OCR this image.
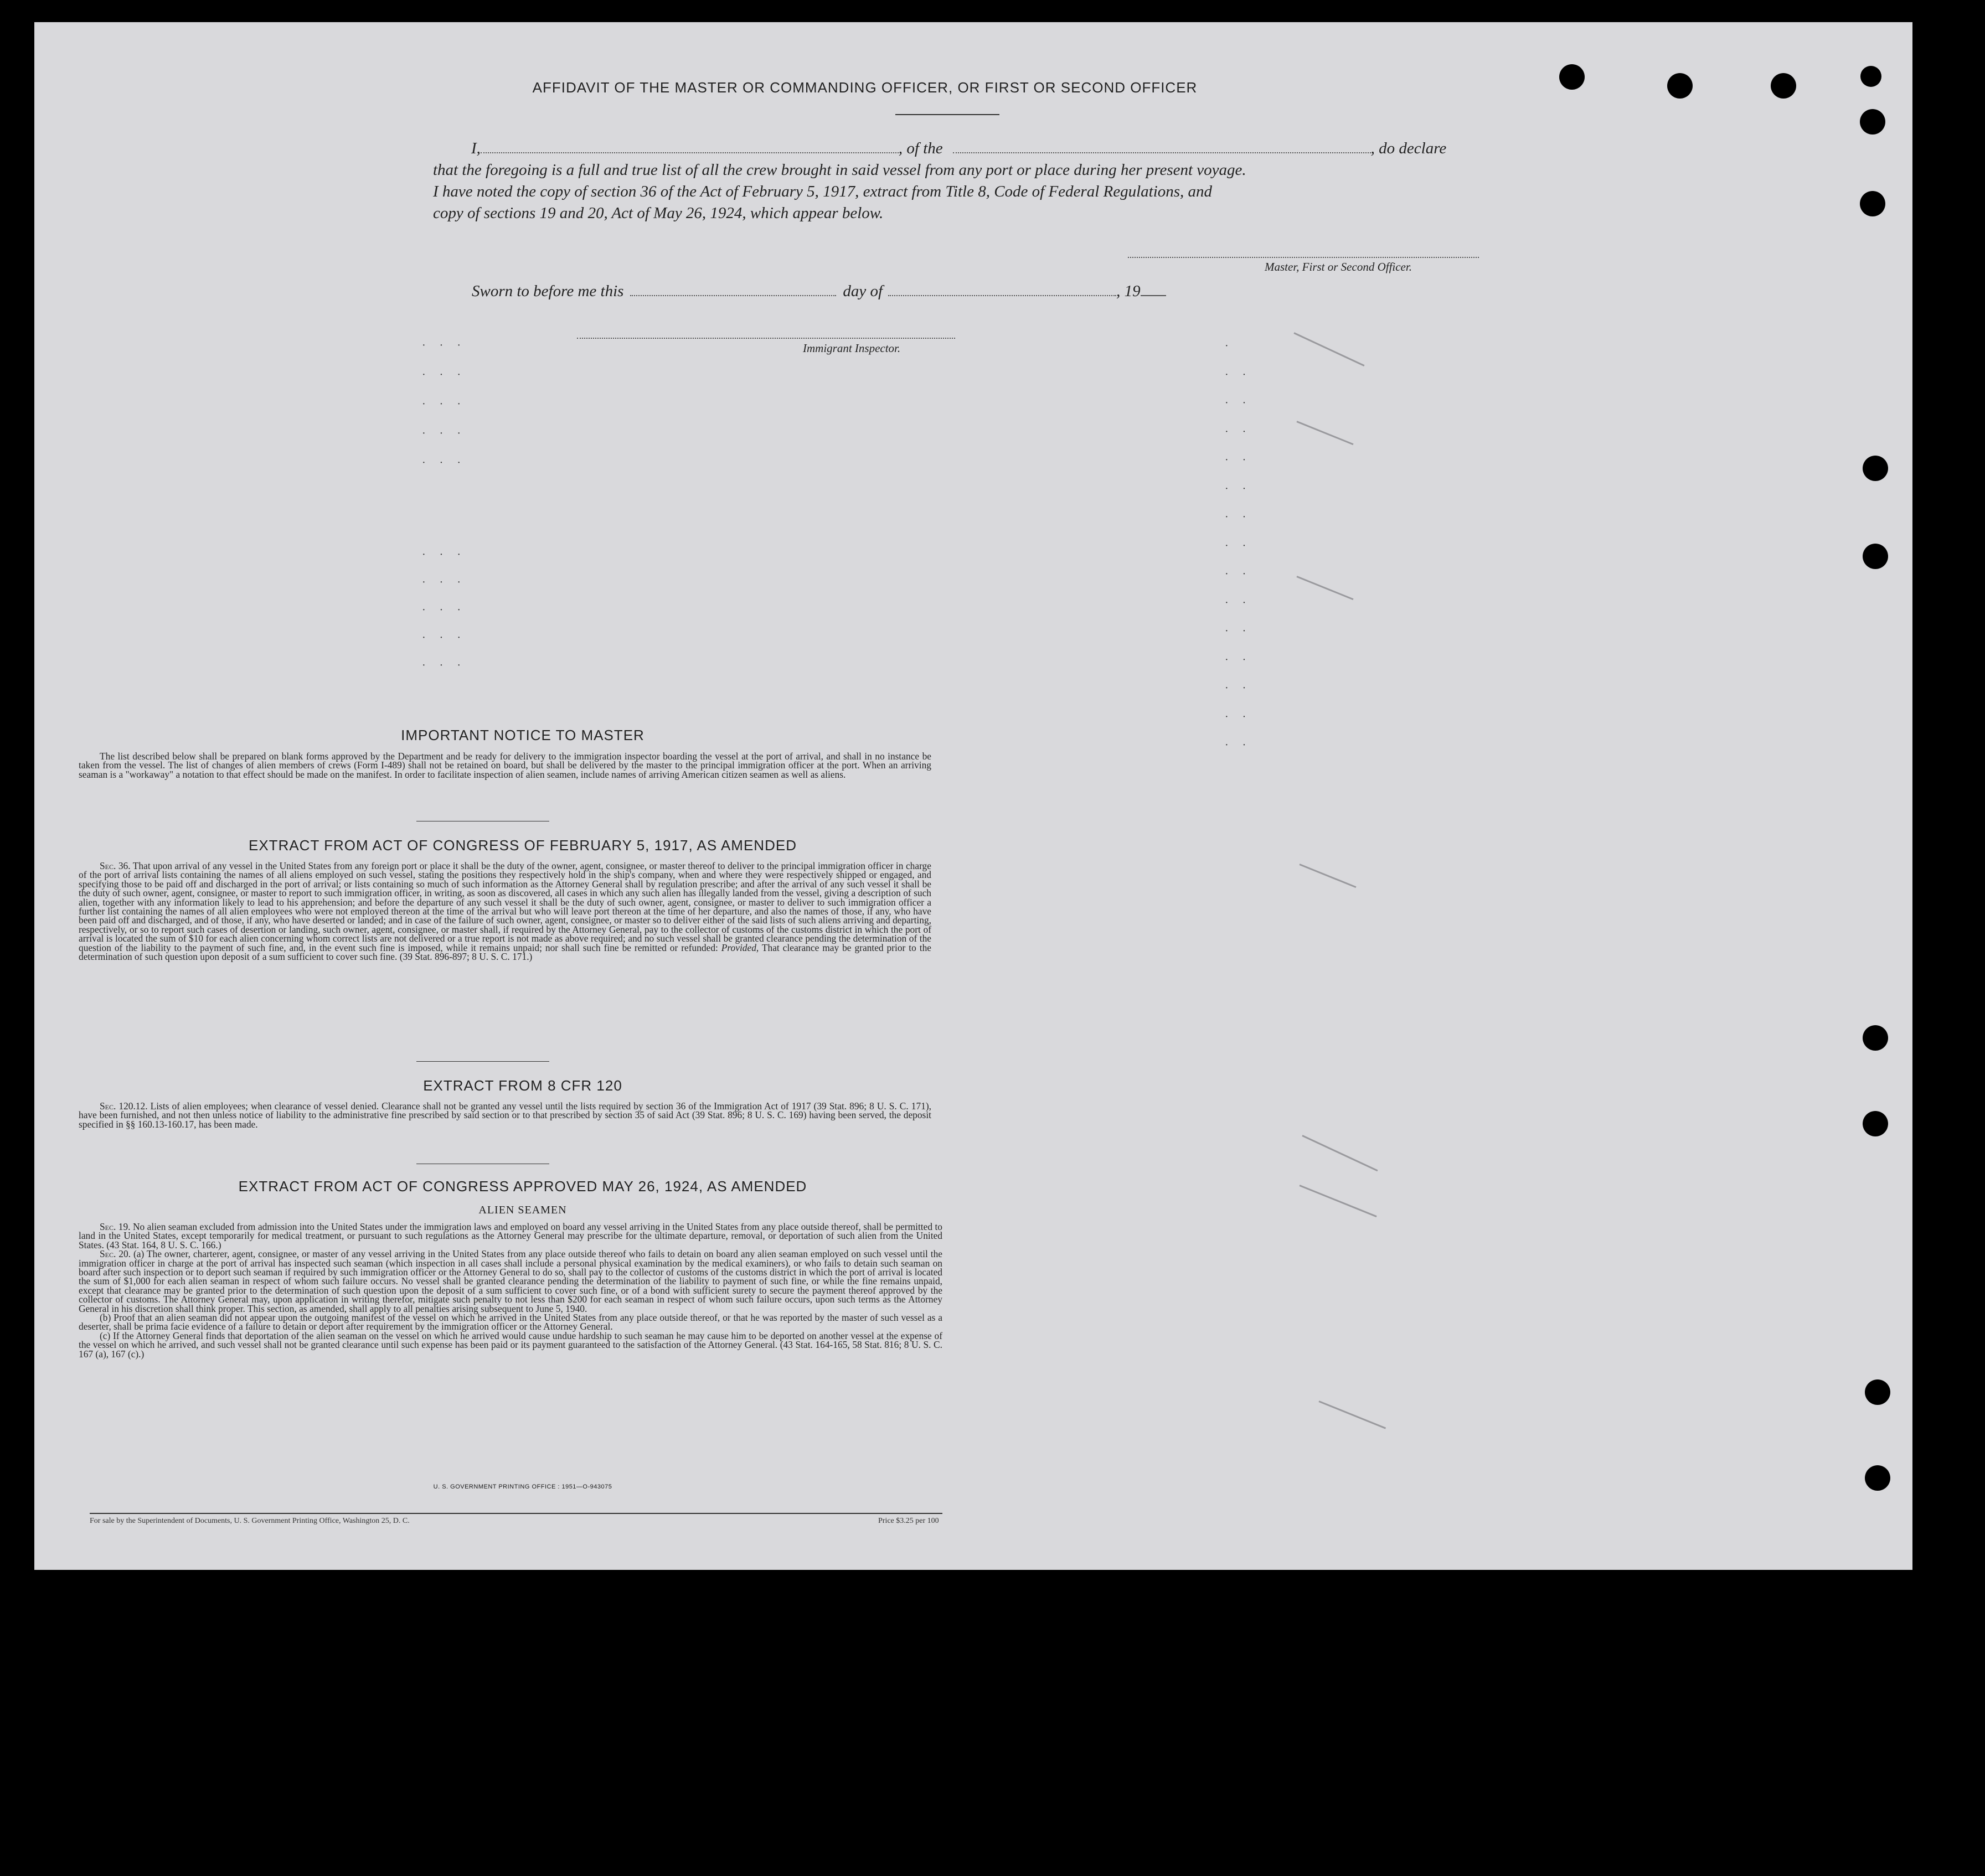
AFFIDAVIT OF THE MASTER OR COMMANDING OFFICER, OR FIRST OR SECOND OFFICER
I,	, of the	, do declare
that the foregoing is a full and true list of all the crew brought in said vessel from any port or place during her present voyage.
I have noted the copy of section 36 of the Act of February 5, 1917, extract from Title 8, Code of Federal Regulations, and
copy of sections 19 and 20, Act of May 26, 1924, which appear below.
Master, First or Second Officer.
Sworn to before me this	day of	, 19
Immigrant Inspector.
· · ·
· · ·
· · ·
· · ·
· · ·
· · ·
· · ·
· · ·
· · ·
· · ·
·
· ·
· ·
· ·
· ·
· ·
· ·
· ·
· ·
· ·
· ·
· ·
· ·
· ·
· ·
IMPORTANT NOTICE TO MASTER

The list described below shall be prepared on blank forms approved by the Department and be ready for delivery to the immigration inspector boarding the vessel at the port of arrival, and shall in no instance be taken from the vessel. The list of changes of alien members of crews (Form I-489) shall not be retained on board, but shall be delivered by the master to the principal immigration officer at the port. When an arriving seaman is a "workaway" a notation to that effect should be made on the manifest. In order to facilitate inspection of alien seamen, include names of arriving American citizen seamen as well as aliens.

EXTRACT FROM ACT OF CONGRESS OF FEBRUARY 5, 1917, AS AMENDED

Sec. 36. That upon arrival of any vessel in the United States from any foreign port or place it shall be the duty of the owner, agent, consignee, or master thereof to deliver to the principal immigration officer in charge of the port of arrival lists containing the names of all aliens employed on such vessel, stating the positions they respectively hold in the ship's company, when and where they were respectively shipped or engaged, and specifying those to be paid off and discharged in the port of arrival; or lists containing so much of such information as the Attorney General shall by regulation prescribe; and after the arrival of any such vessel it shall be the duty of such owner, agent, consignee, or master to report to such immigration officer, in writing, as soon as discovered, all cases in which any such alien has illegally landed from the vessel, giving a description of such alien, together with any information likely to lead to his apprehension; and before the departure of any such vessel it shall be the duty of such owner, agent, consignee, or master to deliver to such immigration officer a further list containing the names of all alien employees who were not employed thereon at the time of the arrival but who will leave port thereon at the time of her departure, and also the names of those, if any, who have been paid off and discharged, and of those, if any, who have deserted or landed; and in case of the failure of such owner, agent, consignee, or master so to deliver either of the said lists of such aliens arriving and departing, respectively, or so to report such cases of desertion or landing, such owner, agent, consignee, or master shall, if required by the Attorney General, pay to the collector of customs of the customs district in which the port of arrival is located the sum of $10 for each alien concerning whom correct lists are not delivered or a true report is not made as above required; and no such vessel shall be granted clearance pending the determination of the question of the liability to the payment of such fine, and, in the event such fine is imposed, while it remains unpaid; nor shall such fine be remitted or refunded: Provided, That clearance may be granted prior to the determination of such question upon deposit of a sum sufficient to cover such fine. (39 Stat. 896-897; 8 U. S. C. 171.)

EXTRACT FROM 8 CFR 120

Sec. 120.12. Lists of alien employees; when clearance of vessel denied. Clearance shall not be granted any vessel until the lists required by section 36 of the Immigration Act of 1917 (39 Stat. 896; 8 U. S. C. 171), have been furnished, and not then unless notice of liability to the administrative fine prescribed by said section or to that prescribed by section 35 of said Act (39 Stat. 896; 8 U. S. C. 169) having been served, the deposit specified in §§ 160.13-160.17, has been made.

EXTRACT FROM ACT OF CONGRESS APPROVED MAY 26, 1924, AS AMENDED
ALIEN SEAMEN

Sec. 19. No alien seaman excluded from admission into the United States under the immigration laws and employed on board any vessel arriving in the United States from any place outside thereof, shall be permitted to land in the United States, except temporarily for medical treatment, or pursuant to such regulations as the Attorney General may prescribe for the ultimate departure, removal, or deportation of such alien from the United States. (43 Stat. 164, 8 U. S. C. 166.)

Sec. 20. (a) The owner, charterer, agent, consignee, or master of any vessel arriving in the United States from any place outside thereof who fails to detain on board any alien seaman employed on such vessel until the immigration officer in charge at the port of arrival has inspected such seaman (which inspection in all cases shall include a personal physical examination by the medical examiners), or who fails to detain such seaman on board after such inspection or to deport such seaman if required by such immigration officer or the Attorney General to do so, shall pay to the collector of customs of the customs district in which the port of arrival is located the sum of $1,000 for each alien seaman in respect of whom such failure occurs. No vessel shall be granted clearance pending the determination of the liability to payment of such fine, or while the fine remains unpaid, except that clearance may be granted prior to the determination of such question upon the deposit of a sum sufficient to cover such fine, or of a bond with sufficient surety to secure the payment thereof approved by the collector of customs. The Attorney General may, upon application in writing therefor, mitigate such penalty to not less than $200 for each seaman in respect of whom such failure occurs, upon such terms as the Attorney General in his discretion shall think proper. This section, as amended, shall apply to all penalties arising subsequent to June 5, 1940.

(b) Proof that an alien seaman did not appear upon the outgoing manifest of the vessel on which he arrived in the United States from any place outside thereof, or that he was reported by the master of such vessel as a deserter, shall be prima facie evidence of a failure to detain or deport after requirement by the immigration officer or the Attorney General.

(c) If the Attorney General finds that deportation of the alien seaman on the vessel on which he arrived would cause undue hardship to such seaman he may cause him to be deported on another vessel at the expense of the vessel on which he arrived, and such vessel shall not be granted clearance until such expense has been paid or its payment guaranteed to the satisfaction of the Attorney General. (43 Stat. 164-165, 58 Stat. 816; 8 U. S. C. 167 (a), 167 (c).)

U. S. GOVERNMENT PRINTING OFFICE : 1951—O-943075
For sale by the Superintendent of Documents, U. S. Government Printing Office, Washington 25, D. C.	Price $3.25 per 100
